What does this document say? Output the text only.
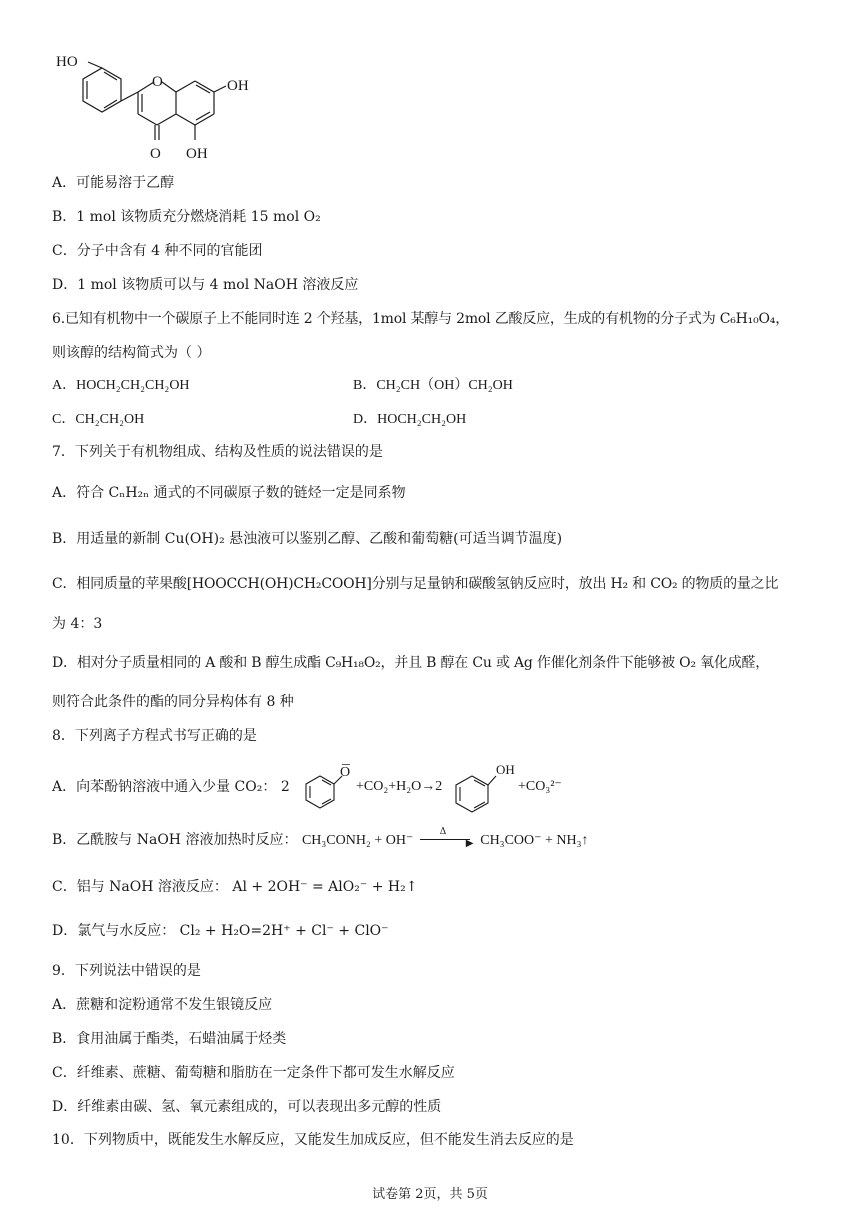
HO
O	OH
O OH
A．可能易溶于乙醇
B．1 mol 该物质充分燃烧消耗 15 mol O₂
C．分子中含有 4 种不同的官能团
D．1 mol 该物质可以与 4 mol NaOH 溶液反应
6.已知有机物中一个碳原子上不能同时连 2 个羟基，1mol 某醇与 2mol 乙酸反应，生成的有机物的分子式为 C₆H₁₀O₄，
则该醇的结构简式为（ ）
A．HOCH₂CH₂CH₂OH	B．CH₂CH（OH）CH₂OH
C．CH₂CH₂OH	D．HOCH₂CH₂OH
7．下列关于有机物组成、结构及性质的说法错误的是
A．符合 CₙH₂ₙ 通式的不同碳原子数的链烃一定是同系物
B．用适量的新制 Cu(OH)₂ 悬浊液可以鉴别乙醇、乙酸和葡萄糖(可适当调节温度)
C．相同质量的苹果酸[HOOCCH(OH)CH₂COOH]分别与足量钠和碳酸氢钠反应时，放出 H₂ 和 CO₂ 的物质的量之比
为 4：3
D．相对分子质量相同的 A 酸和 B 醇生成酯 C₉H₁₈O₂，并且 B 醇在 Cu 或 Ag 作催化剂条件下能够被 O₂ 氧化成醛，
则符合此条件的酯的同分异构体有 8 种
8．下列离子方程式书写正确的是
A．向苯酚钠溶液中通入少量 CO₂： 2
O
+CO₂+H₂O→2
OH
+CO₃²⁻
B．乙酰胺与 NaOH 溶液加热时反应： CH₃CONH₂ + OH⁻
Δ
▶ CH₃COO⁻ + NH₃↑
C．铝与 NaOH 溶液反应： Al + 2OH⁻ = AlO₂⁻ + H₂↑
D．氯气与水反应： Cl₂ + H₂O=2H⁺ + Cl⁻ + ClO⁻
9．下列说法中错误的是
A．蔗糖和淀粉通常不发生银镜反应
B．食用油属于酯类，石蜡油属于烃类
C．纤维素、蔗糖、葡萄糖和脂肪在一定条件下都可发生水解反应
D．纤维素由碳、氢、氧元素组成的，可以表现出多元醇的性质
10．下列物质中，既能发生水解反应，又能发生加成反应，但不能发生消去反应的是
试卷第 2页，共 5页
